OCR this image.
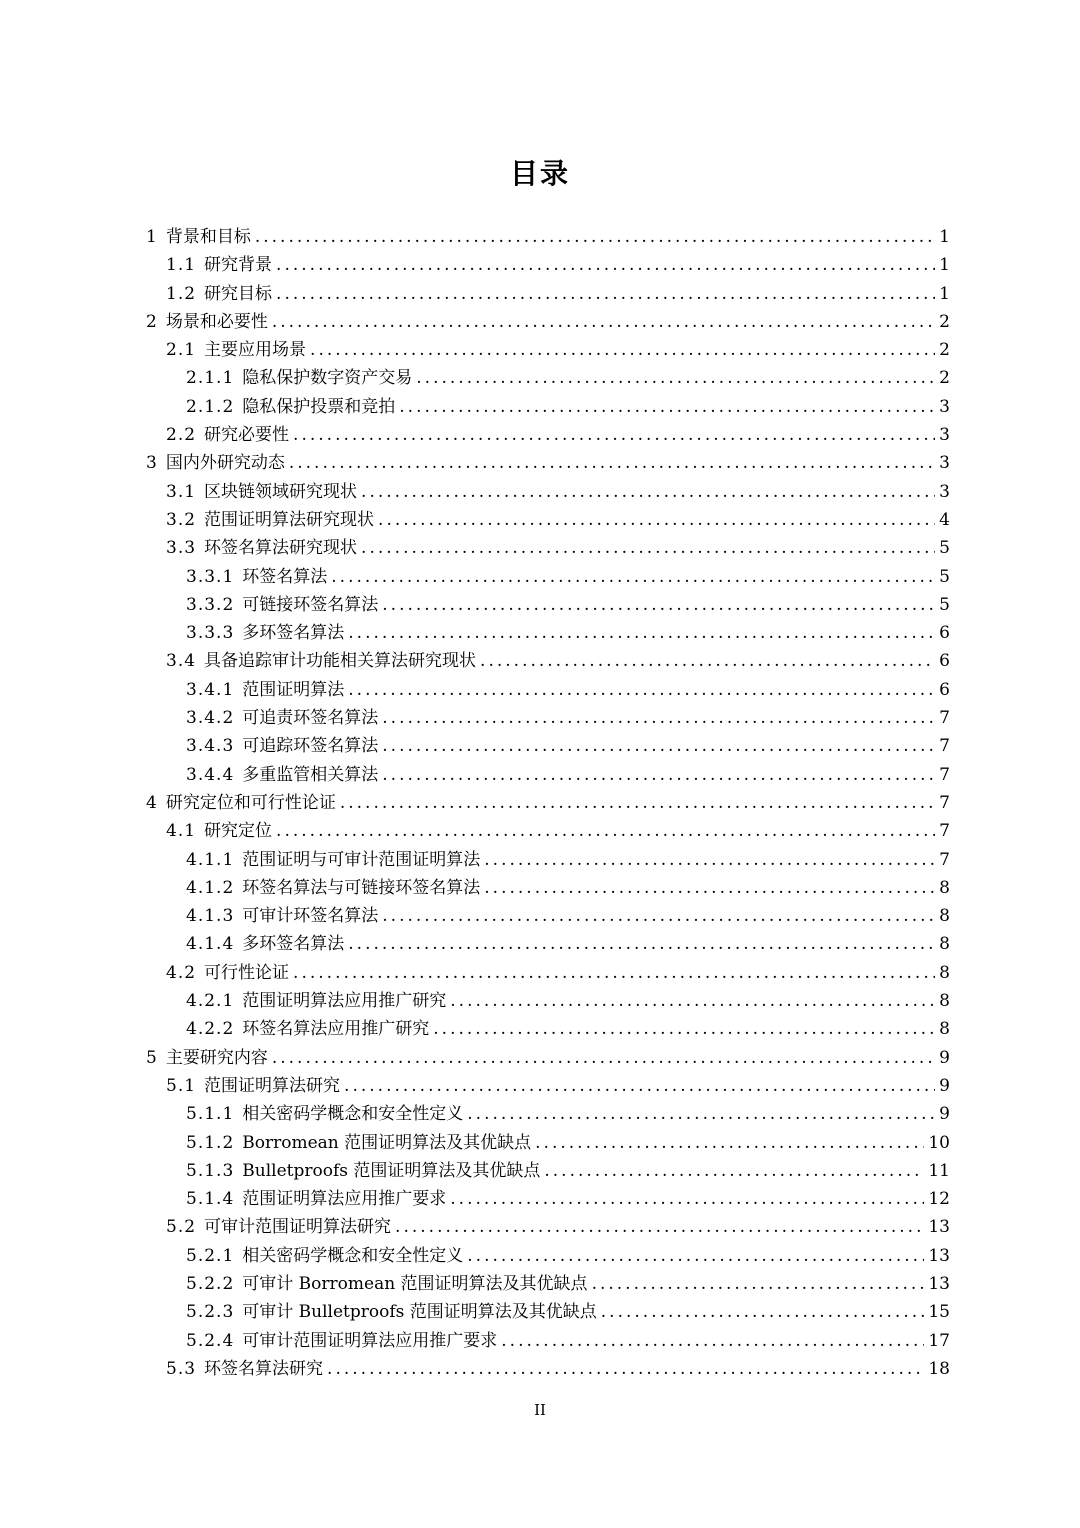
目录
1 背景和目标 .....	1
1.1 研究背景 .....	1
1.2 研究目标 .....	1
2 场景和必要性 .....	2
2.1 主要应用场景 .....	2
2.1.1 隐私保护数字资产交易 .....	2
2.1.2 隐私保护投票和竞拍 .....	3
2.2 研究必要性 .....	3
3 国内外研究动态 .....	3
3.1 区块链领域研究现状 .....	3
3.2 范围证明算法研究现状 .....	4
3.3 环签名算法研究现状 .....	5
3.3.1 环签名算法 .....	5
3.3.2 可链接环签名算法 .....	5
3.3.3 多环签名算法 .....	6
3.4 具备追踪审计功能相关算法研究现状 .....	6
3.4.1 范围证明算法 .....	6
3.4.2 可追责环签名算法 .....	7
3.4.3 可追踪环签名算法 .....	7
3.4.4 多重监管相关算法 .....	7
4 研究定位和可行性论证 .....	7
4.1 研究定位 .....	7
4.1.1 范围证明与可审计范围证明算法 .....	7
4.1.2 环签名算法与可链接环签名算法 .....	8
4.1.3 可审计环签名算法 .....	8
4.1.4 多环签名算法 .....	8
4.2 可行性论证 .....	8
4.2.1 范围证明算法应用推广研究 .....	8
4.2.2 环签名算法应用推广研究 .....	8
5 主要研究内容 .....	9
5.1 范围证明算法研究 .....	9
5.1.1 相关密码学概念和安全性定义 .....	9
5.1.2 Borromean 范围证明算法及其优缺点 .....	10
5.1.3 Bulletproofs 范围证明算法及其优缺点 .....	11
5.1.4 范围证明算法应用推广要求 .....	12
5.2 可审计范围证明算法研究 .....	13
5.2.1 相关密码学概念和安全性定义 .....	13
5.2.2 可审计 Borromean 范围证明算法及其优缺点 .....	13
5.2.3 可审计 Bulletproofs 范围证明算法及其优缺点 .....	15
5.2.4 可审计范围证明算法应用推广要求 .....	17
5.3 环签名算法研究 .....	18
II
